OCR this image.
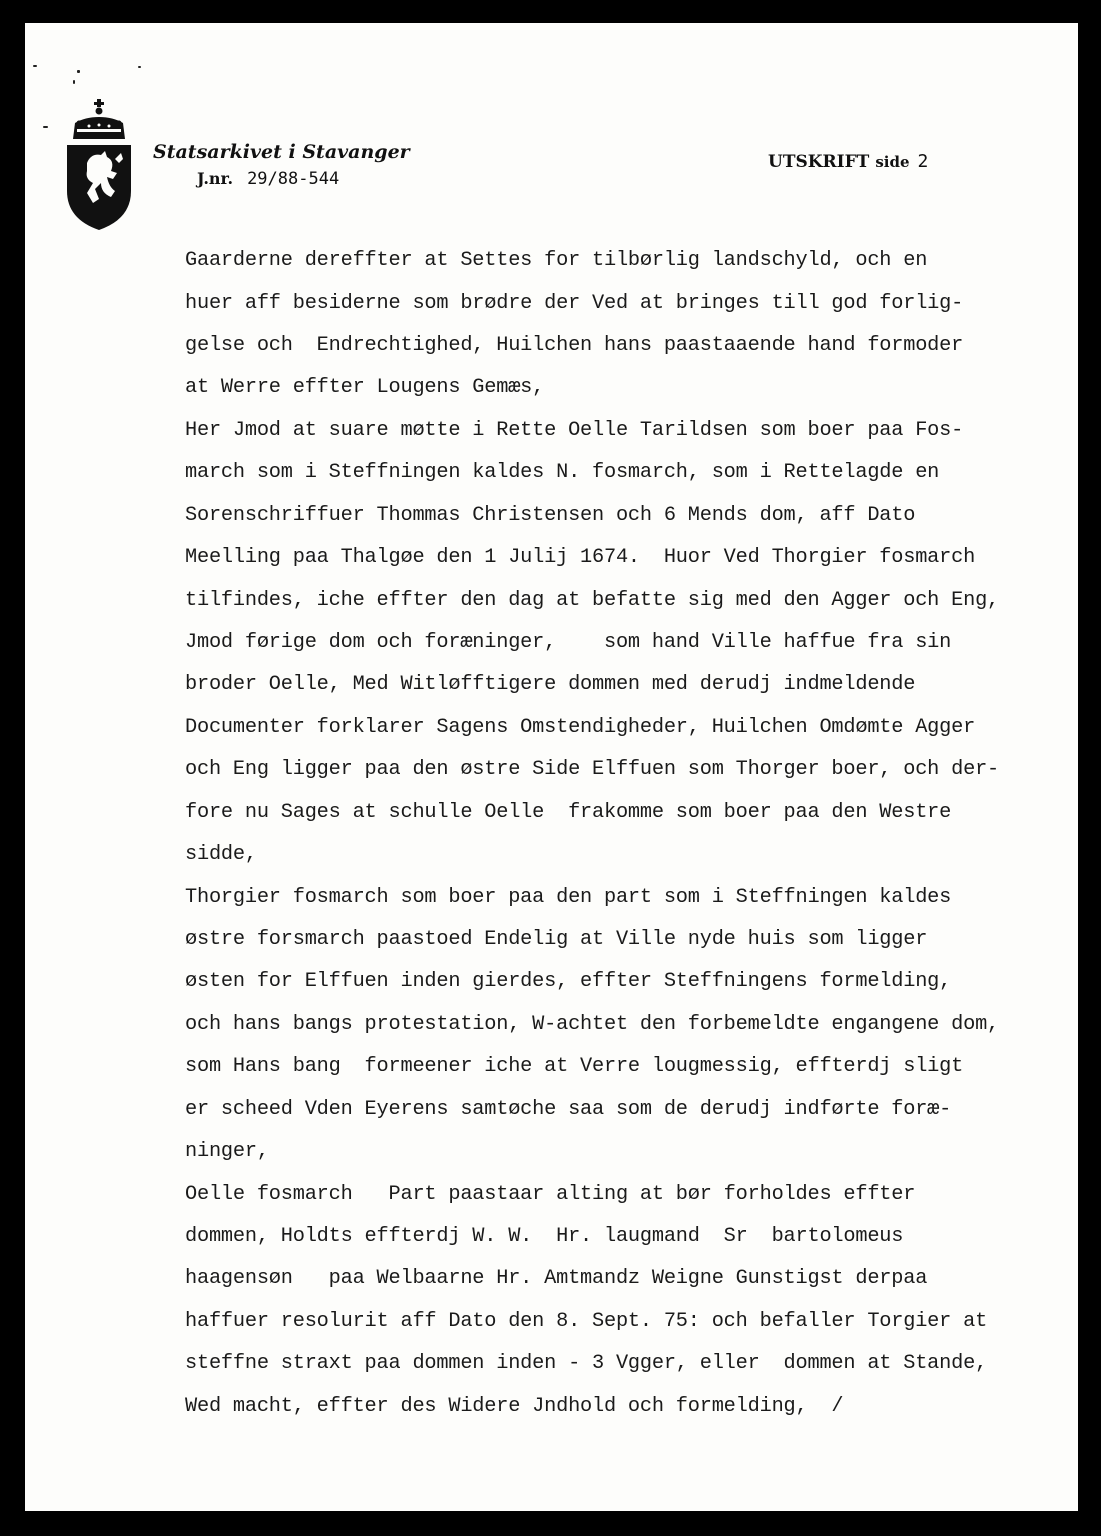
Statsarkivet i Stavanger
J.nr. 29/88-544
UTSKRIFT side 2
Gaarderne dereffter at Settes for tilbørlig landschyld, och en
huer aff besiderne som brødre der Ved at bringes till god forlig-
gelse och  Endrechtighed, Huilchen hans paastaaende hand formoder
at Werre effter Lougens Gemæs,
Her Jmod at suare møtte i Rette Oelle Tarildsen som boer paa Fos-
march som i Steffningen kaldes N. fosmarch, som i Rettelagde en
Sorenschriffuer Thommas Christensen och 6 Mends dom, aff Dato
Meelling paa Thalgøe den 1 Julij 1674.  Huor Ved Thorgier fosmarch
tilfindes, iche effter den dag at befatte sig med den Agger och Eng,
Jmod førige dom och foræninger,    som hand Ville haffue fra sin
broder Oelle, Med Witløfftigere dommen med derudj indmeldende
Documenter forklarer Sagens Omstendigheder, Huilchen Omdømte Agger
och Eng ligger paa den østre Side Elffuen som Thorger boer, och der-
fore nu Sages at schulle Oelle  frakomme som boer paa den Westre
sidde,
Thorgier fosmarch som boer paa den part som i Steffningen kaldes
østre forsmarch paastoed Endelig at Ville nyde huis som ligger
østen for Elffuen inden gierdes, effter Steffningens formelding,
och hans bangs protestation, W-achtet den forbemeldte engangene dom,
som Hans bang  formeener iche at Verre lougmessig, effterdj sligt
er scheed Vden Eyerens samtøche saa som de derudj indførte foræ-
ninger,
Oelle fosmarch   Part paastaar alting at bør forholdes effter
dommen, Holdts effterdj W. W.  Hr. laugmand  Sr  bartolomeus
haagensøn   paa Welbaarne Hr. Amtmandz Weigne Gunstigst derpaa
haffuer resolurit aff Dato den 8. Sept. 75: och befaller Torgier at
steffne straxt paa dommen inden - 3 Vgger, eller  dommen at Stande,
Wed macht, effter des Widere Jndhold och formelding,  /
